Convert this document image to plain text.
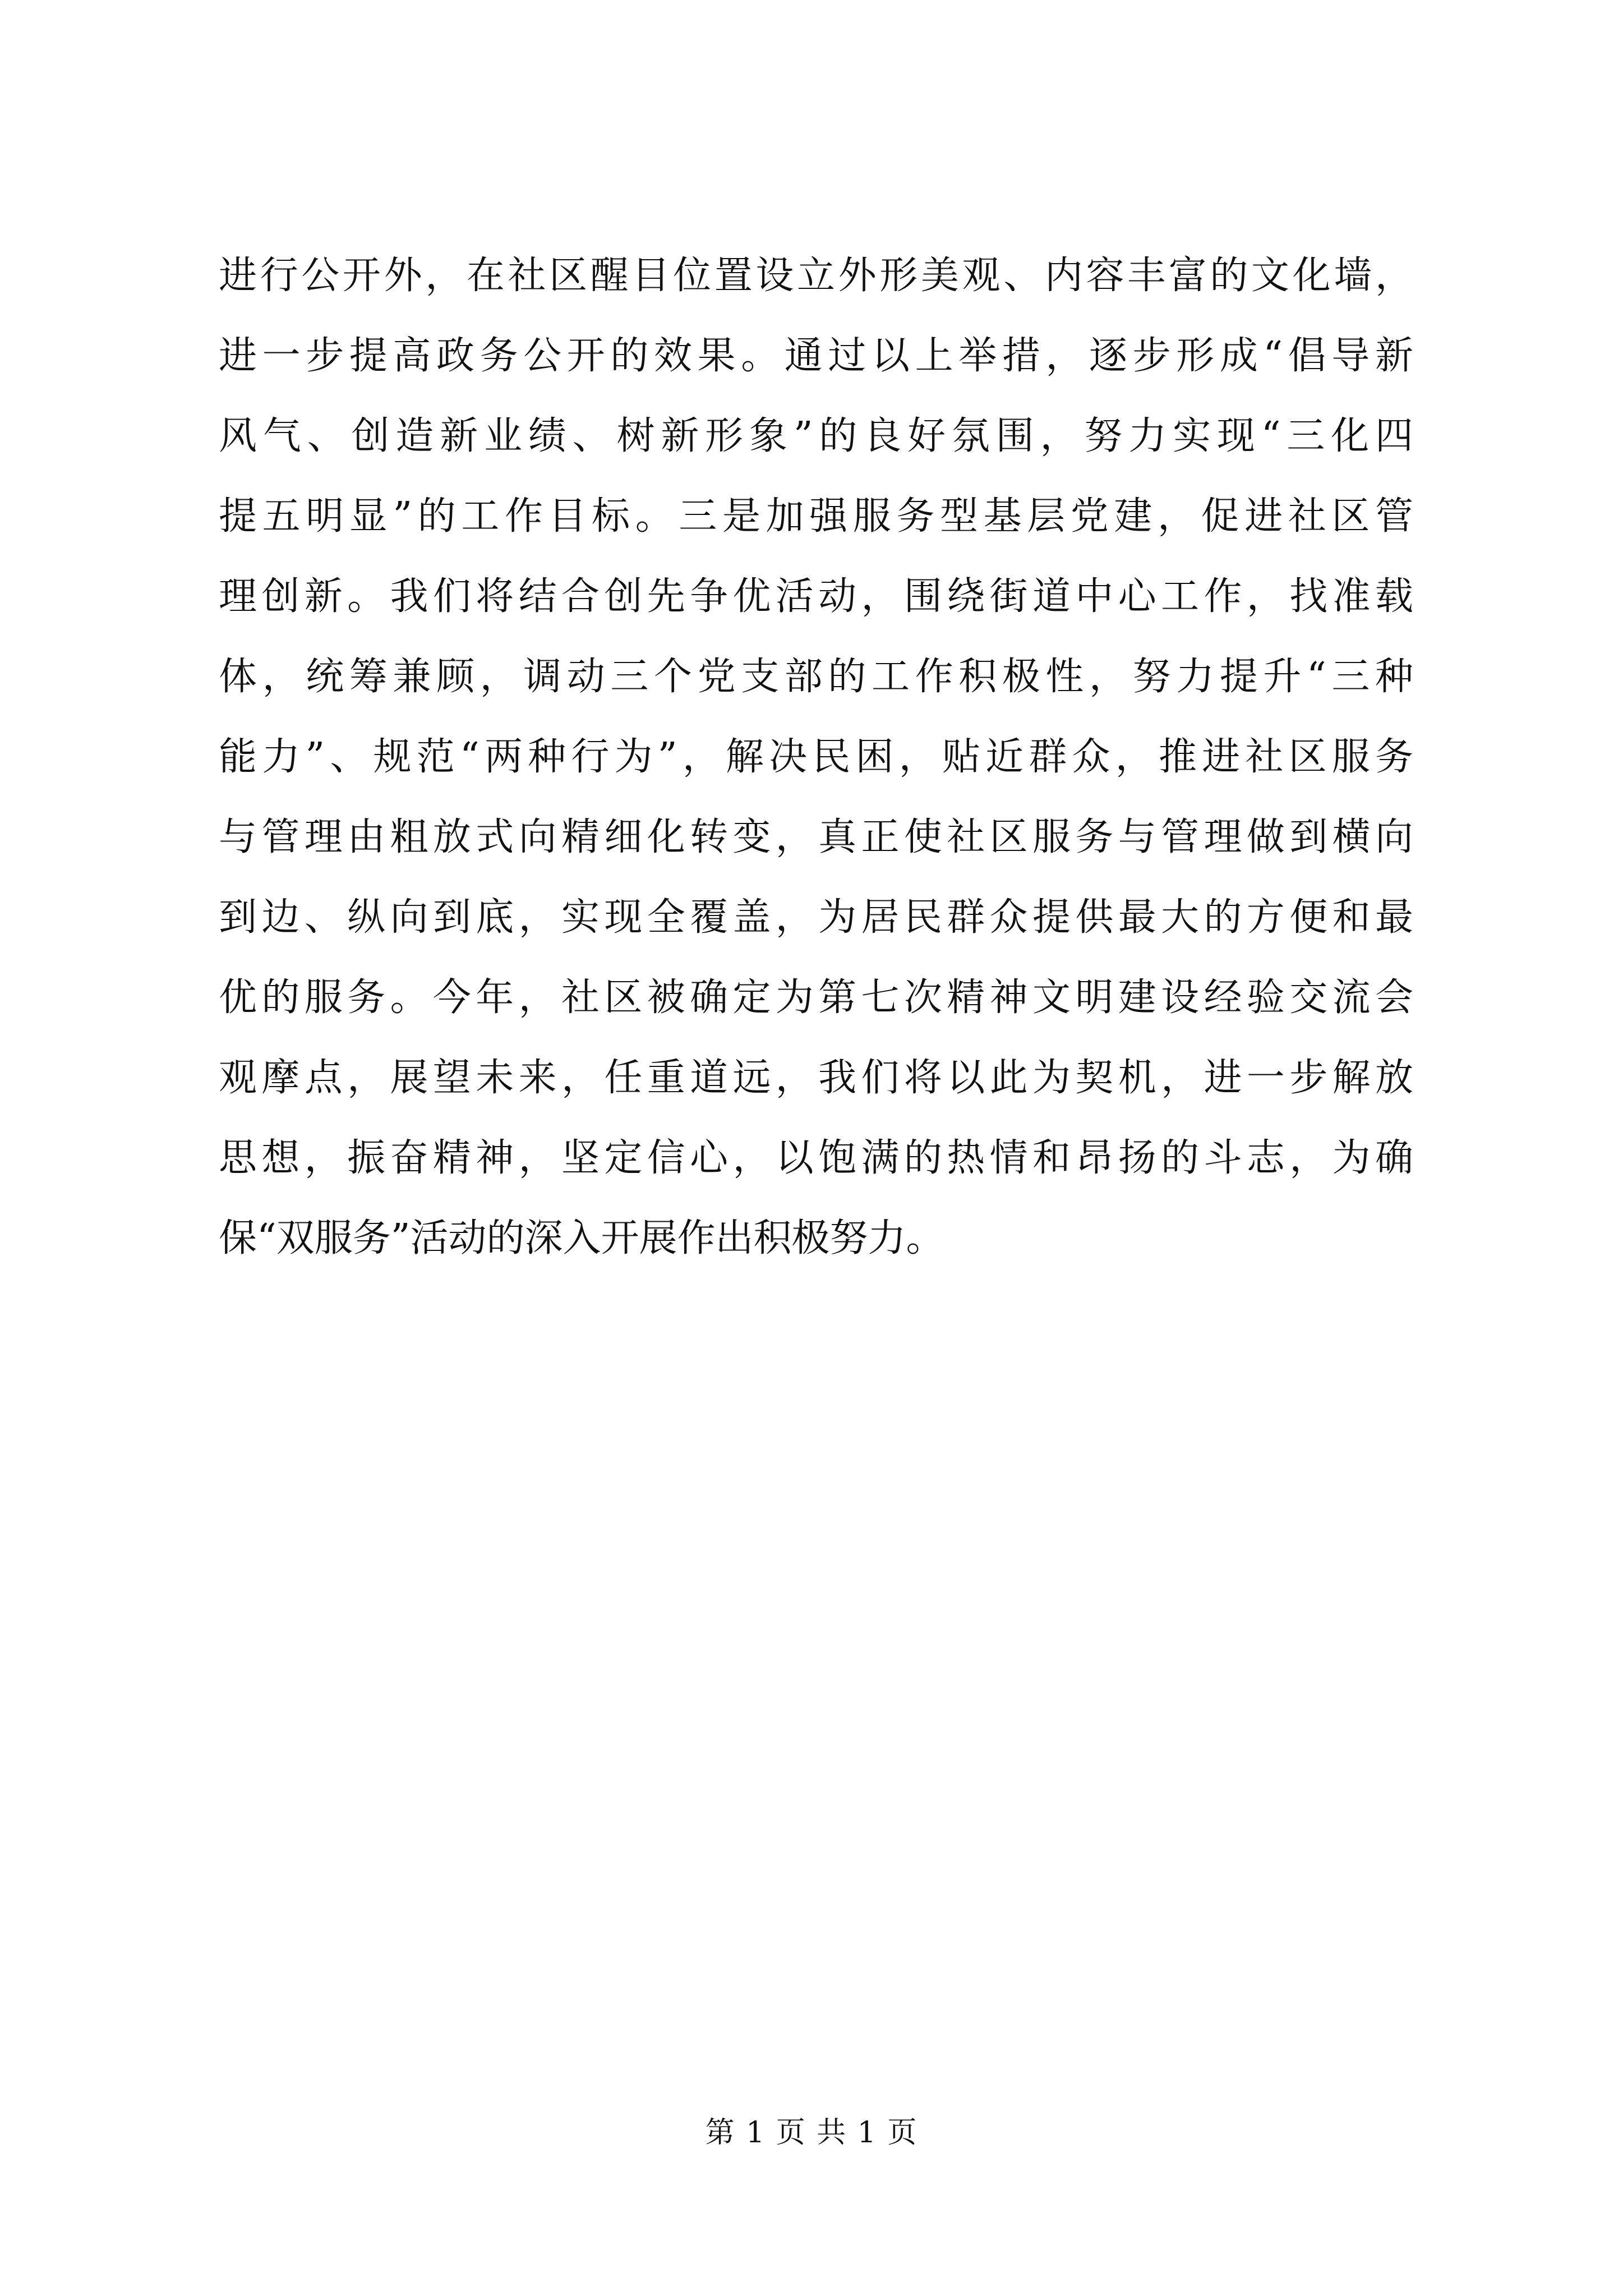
进行公开外，在社区醒目位置设立外形美观、内容丰富的文化墙，
进一步提高政务公开的效果。通过以上举措，逐步形成“倡导新
风气、创造新业绩、树新形象”的良好氛围，努力实现“三化四
提五明显”的工作目标。三是加强服务型基层党建，促进社区管
理创新。我们将结合创先争优活动，围绕街道中心工作，找准载
体，统筹兼顾，调动三个党支部的工作积极性，努力提升“三种
能力”、规范“两种行为”，解决民困，贴近群众，推进社区服务
与管理由粗放式向精细化转变，真正使社区服务与管理做到横向
到边、纵向到底，实现全覆盖，为居民群众提供最大的方便和最
优的服务。今年，社区被确定为第七次精神文明建设经验交流会
观摩点，展望未来，任重道远，我们将以此为契机，进一步解放
思想，振奋精神，坚定信心，以饱满的热情和昂扬的斗志，为确
保“双服务”活动的深入开展作出积极努力。
第 1 页 共 1 页
